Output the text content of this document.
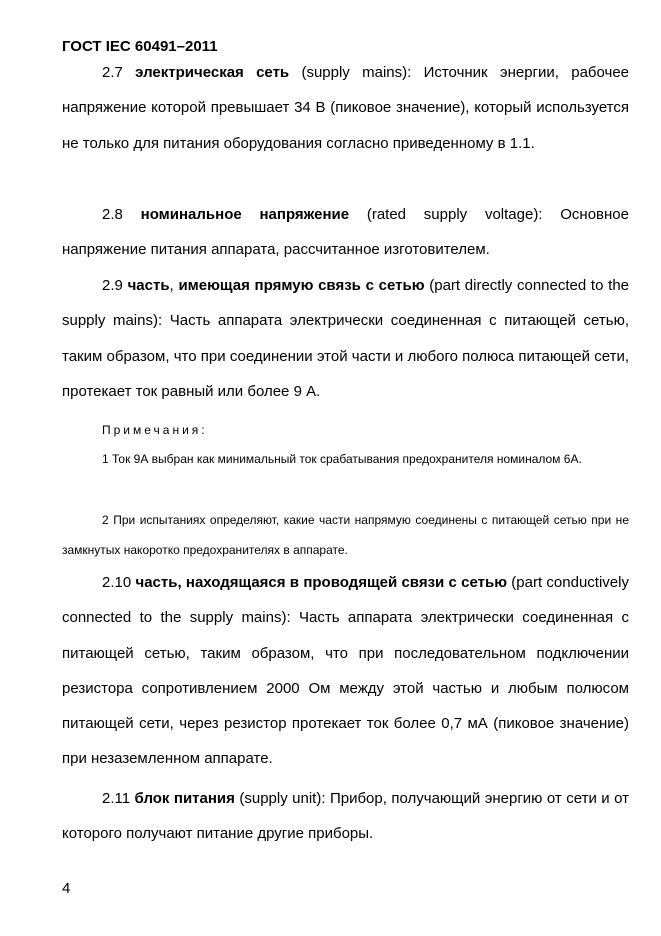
ГОСТ IEC 60491–2011
2.7 электрическая сеть (supply mains): Источник энергии, рабочее напряжение которой превышает 34 В (пиковое значение), который используется не только для питания оборудования согласно приведенному в 1.1.
2.8 номинальное напряжение (rated supply voltage): Основное напряжение питания аппарата, рассчитанное изготовителем.
2.9 часть, имеющая прямую связь с сетью (part directly connected to the supply mains): Часть аппарата электрически соединенная с питающей сетью, таким образом, что при соединении этой части и любого полюса питающей сети, протекает ток равный или более 9 А.
Примечания:
1 Ток 9А выбран как минимальный ток срабатывания предохранителя номиналом 6А.
2 При испытаниях определяют, какие части напрямую соединены с питающей сетью при не замкнутых накоротко предохранителях в аппарате.
2.10 часть, находящаяся в проводящей связи с сетью (part conductively connected to the supply mains): Часть аппарата электрически соединенная с питающей сетью, таким образом, что при последовательном подключении резистора сопротивлением 2000 Ом между этой частью и любым полюсом питающей сети, через резистор протекает ток более 0,7 мА (пиковое значение) при незаземленном аппарате.
2.11 блок питания (supply unit): Прибор, получающий энергию от сети и от которого получают питание другие приборы.
4
